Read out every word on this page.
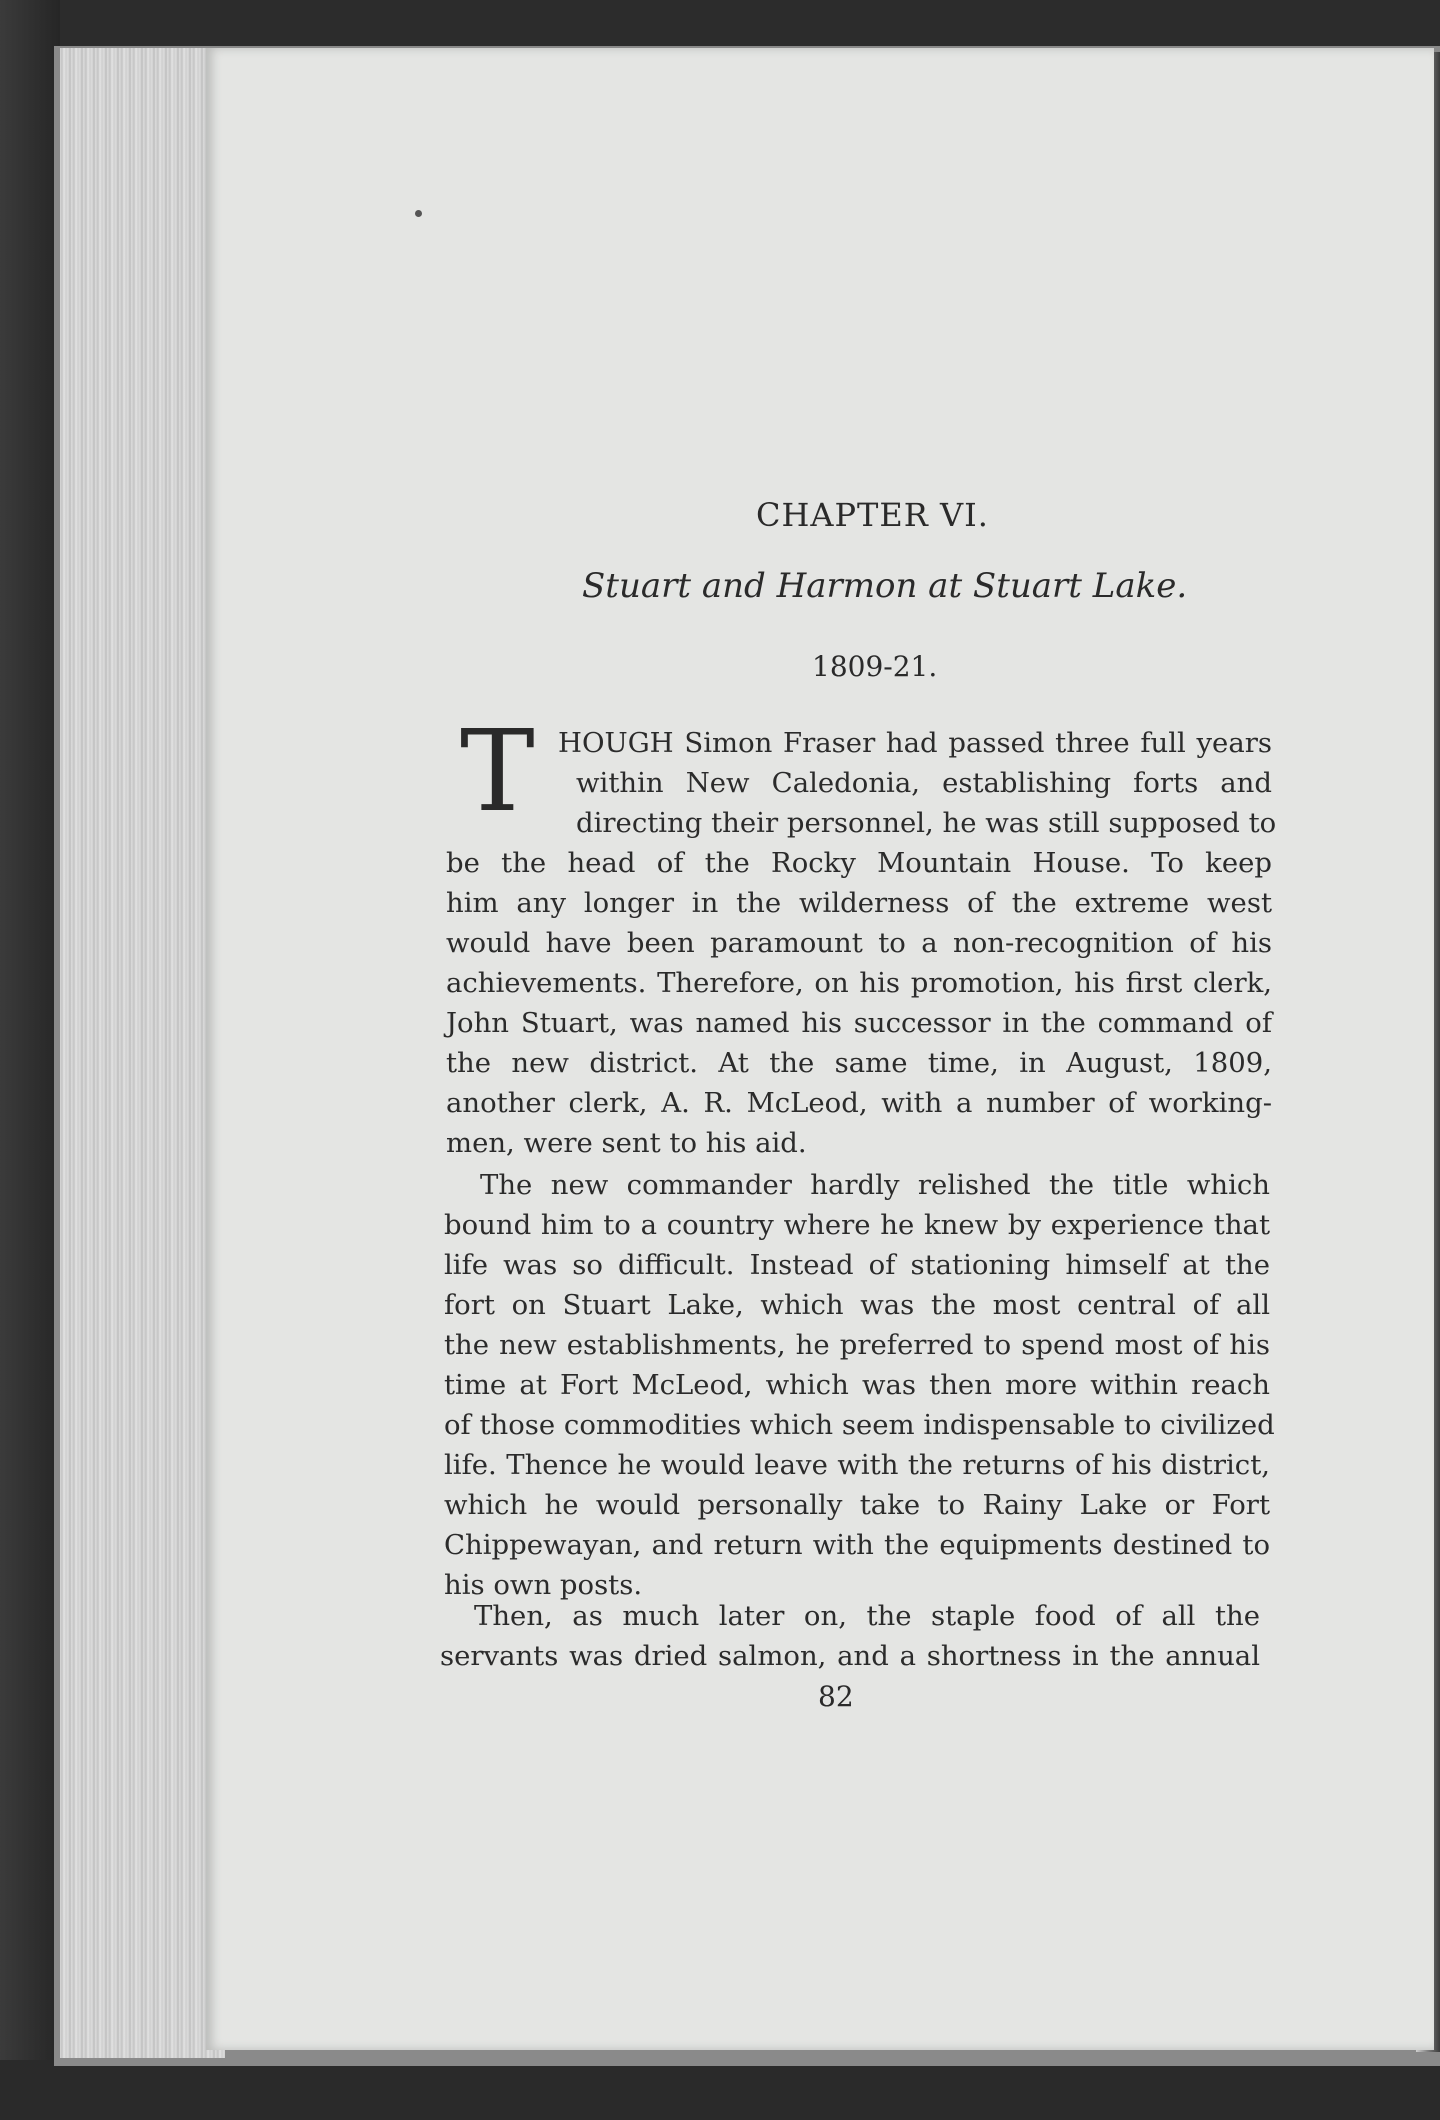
CHAPTER VI.
Stuart and Harmon at Stuart Lake.
1809-21.
T HOUGH Simon Fraser had passed three full years
within New Caledonia, establishing forts and
directing their personnel, he was still supposed to
be the head of the Rocky Mountain House. To keep
him any longer in the wilderness of the extreme west
would have been paramount to a non-recognition of his
achievements. Therefore, on his promotion, his first clerk,
John Stuart, was named his successor in the command of
the new district. At the same time, in August, 1809,
another clerk, A. R. McLeod, with a number of working-
men, were sent to his aid.
The new commander hardly relished the title which
bound him to a country where he knew by experience that
life was so difficult. Instead of stationing himself at the
fort on Stuart Lake, which was the most central of all
the new establishments, he preferred to spend most of his
time at Fort McLeod, which was then more within reach
of those commodities which seem indispensable to civilized
life. Thence he would leave with the returns of his district,
which he would personally take to Rainy Lake or Fort
Chippewayan, and return with the equipments destined to
his own posts.
Then, as much later on, the staple food of all the
servants was dried salmon, and a shortness in the annual
82
